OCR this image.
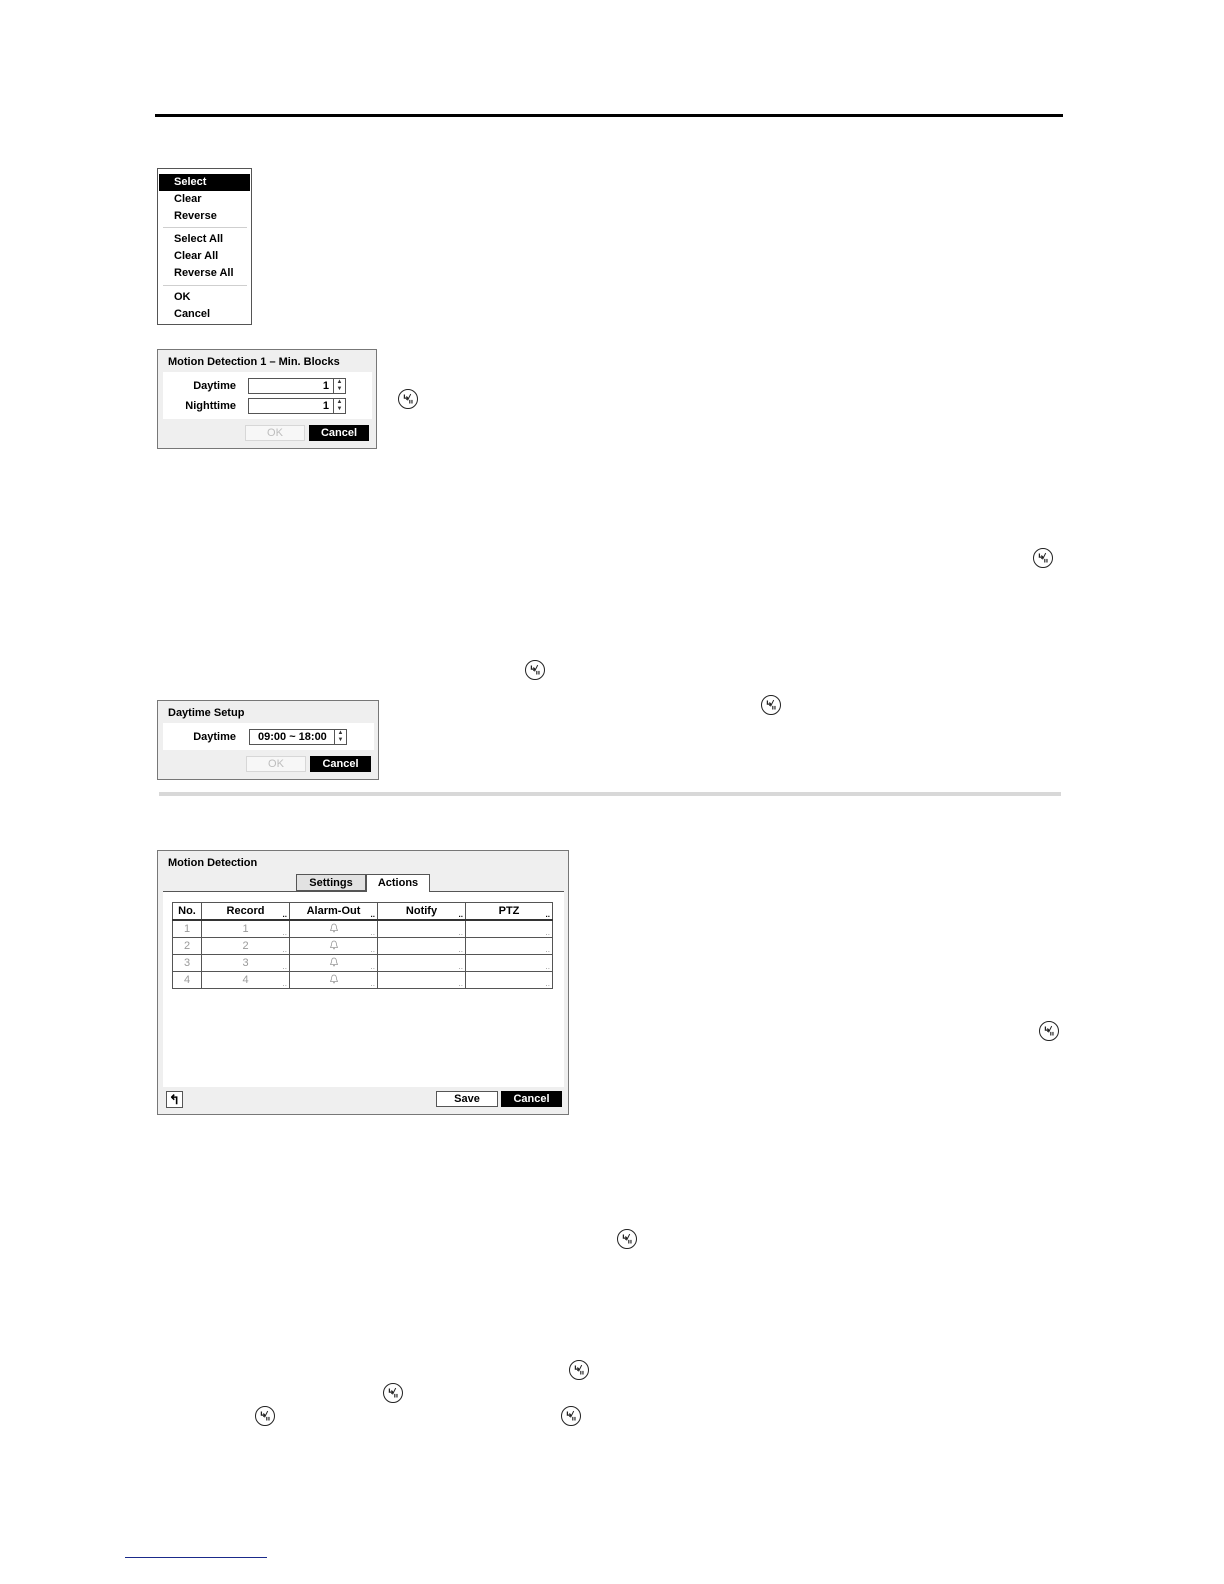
Select
Clear
Reverse
Select All
Clear All
Reverse All
OK
Cancel
Motion Detection 1 – Min. Blocks
Daytime	1	▲
▼
Nighttime	1	▲
▼
OK	Cancel
Daytime Setup
Daytime 09:00 ~ 18:00	▲
▼
OK	Cancel
Motion Detection
↰	Save	Cancel
Settings	Actions
No.	Record ..	Alarm-Out ..	Notify ..	PTZ ..

1	1 ..	..	..	..

2	2 ..	..	..	..

3	3 ..	..	..	..

4	4 ..	..	..	..
